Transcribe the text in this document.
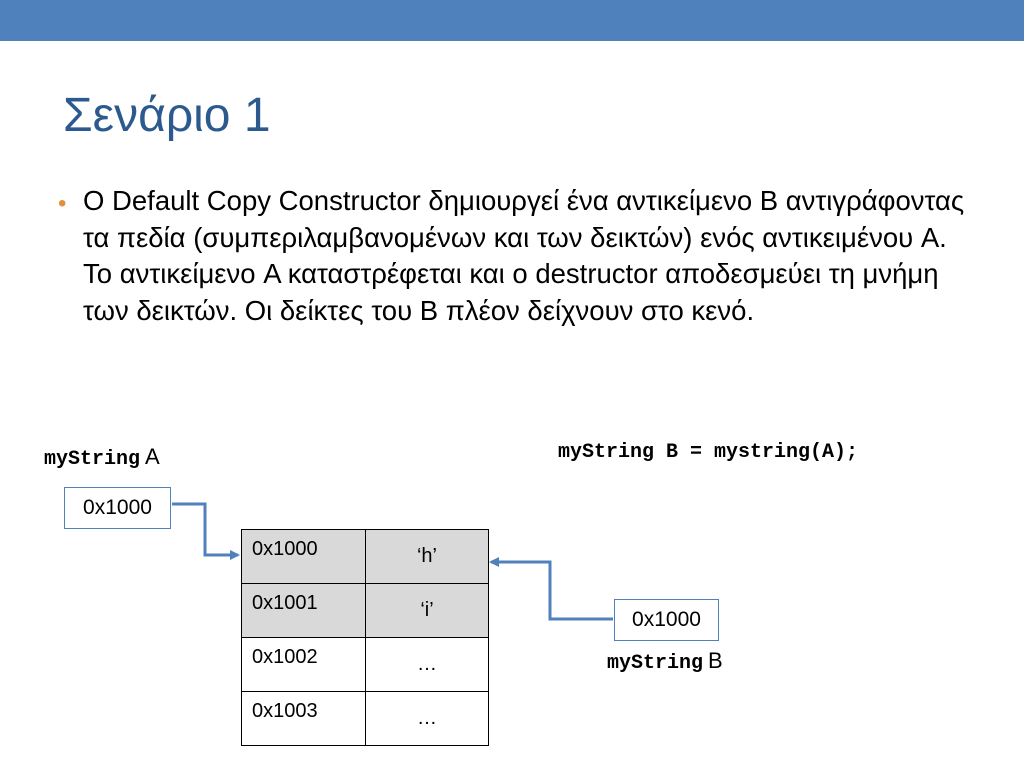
Σενάριο 1
• Ο Default Copy Constructor δημιουργεί ένα αντικείμενο B αντιγράφοντας τα πεδία (συμπεριλαμβανομένων και των δεικτών) ενός αντικειμένου A. Το αντικείμενο A καταστρέφεται και ο destructor αποδεσμεύει τη μνήμη των δεικτών. Οι δείκτες του B πλέον δείχνουν στο κενό.

myString A
0x1000
myString B = mystring(A);
0x1000	‘h’
0x1001	‘i’
0x1002	…
0x1003	…
0x1000
myString B
